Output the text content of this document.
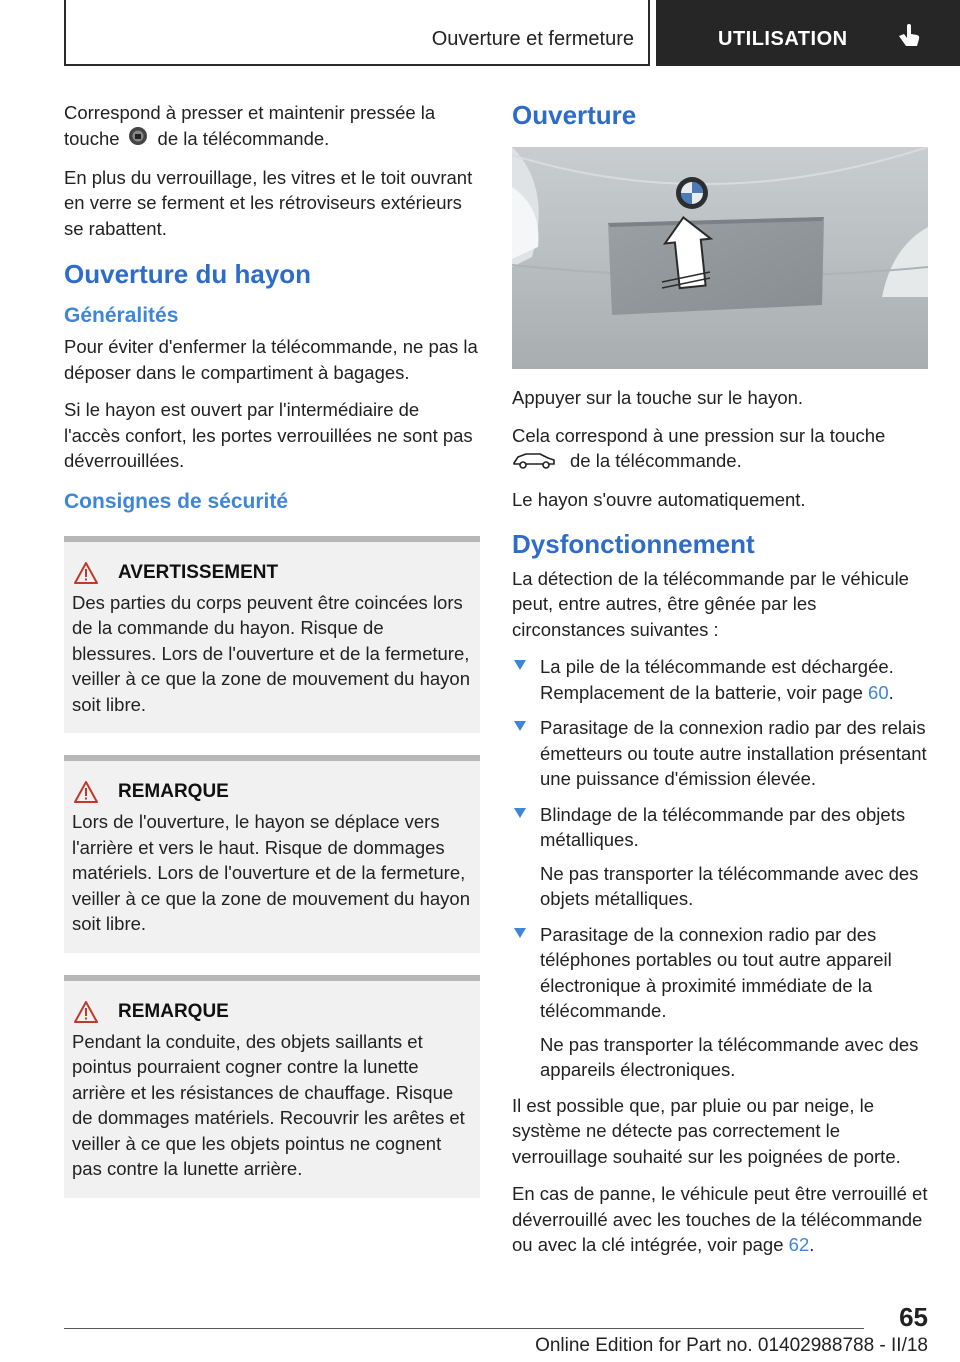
Ouverture et fermeture	UTILISATION

Correspond à presser et maintenir pressée la touche de la télécommande.

En plus du verrouillage, les vitres et le toit ouvrant en verre se ferment et les rétroviseurs extérieurs se rabattent.

Ouverture du hayon
Généralités

Pour éviter d'enfermer la télécommande, ne pas la déposer dans le compartiment à bagages.

Si le hayon est ouvert par l'intermédiaire de l'accès confort, les portes verrouillées ne sont pas déverrouillées.

Consignes de sécurité
AVERTISSEMENT

Des parties du corps peuvent être coincées lors de la commande du hayon. Risque de blessures. Lors de l'ouverture et de la fermeture, veiller à ce que la zone de mouvement du hayon soit libre.

REMARQUE

Lors de l'ouverture, le hayon se déplace vers l'arrière et vers le haut. Risque de dommages matériels. Lors de l'ouverture et de la fermeture, veiller à ce que la zone de mouvement du hayon soit libre.

REMARQUE

Pendant la conduite, des objets saillants et pointus pourraient cogner contre la lunette arrière et les résistances de chauffage. Risque de dommages matériels. Recouvrir les arêtes et veiller à ce que les objets pointus ne cognent pas contre la lunette arrière.

Ouverture

Appuyer sur la touche sur le hayon.

Cela correspond à une pression sur la touche
de la télécommande.

Le hayon s'ouvre automatiquement.

Dysfonctionnement

La détection de la télécommande par le véhicule peut, entre autres, être gênée par les circonstances suivantes :

La pile de la télécommande est déchargée. Remplacement de la batterie, voir page 60.
Parasitage de la connexion radio par des relais émetteurs ou toute autre installation présentant une puissance d'émission élevée.
Blindage de la télécommande par des objets métalliques.
Ne pas transporter la télécommande avec des objets métalliques.
Parasitage de la connexion radio par des téléphones portables ou tout autre appareil électronique à proximité immédiate de la télécommande.
Ne pas transporter la télécommande avec des appareils électroniques.

Il est possible que, par pluie ou par neige, le système ne détecte pas correctement le verrouillage souhaité sur les poignées de porte.

En cas de panne, le véhicule peut être verrouillé et déverrouillé avec les touches de la télécommande ou avec la clé intégrée, voir page 62.

65
Online Edition for Part no. 01402988788 - II/18
